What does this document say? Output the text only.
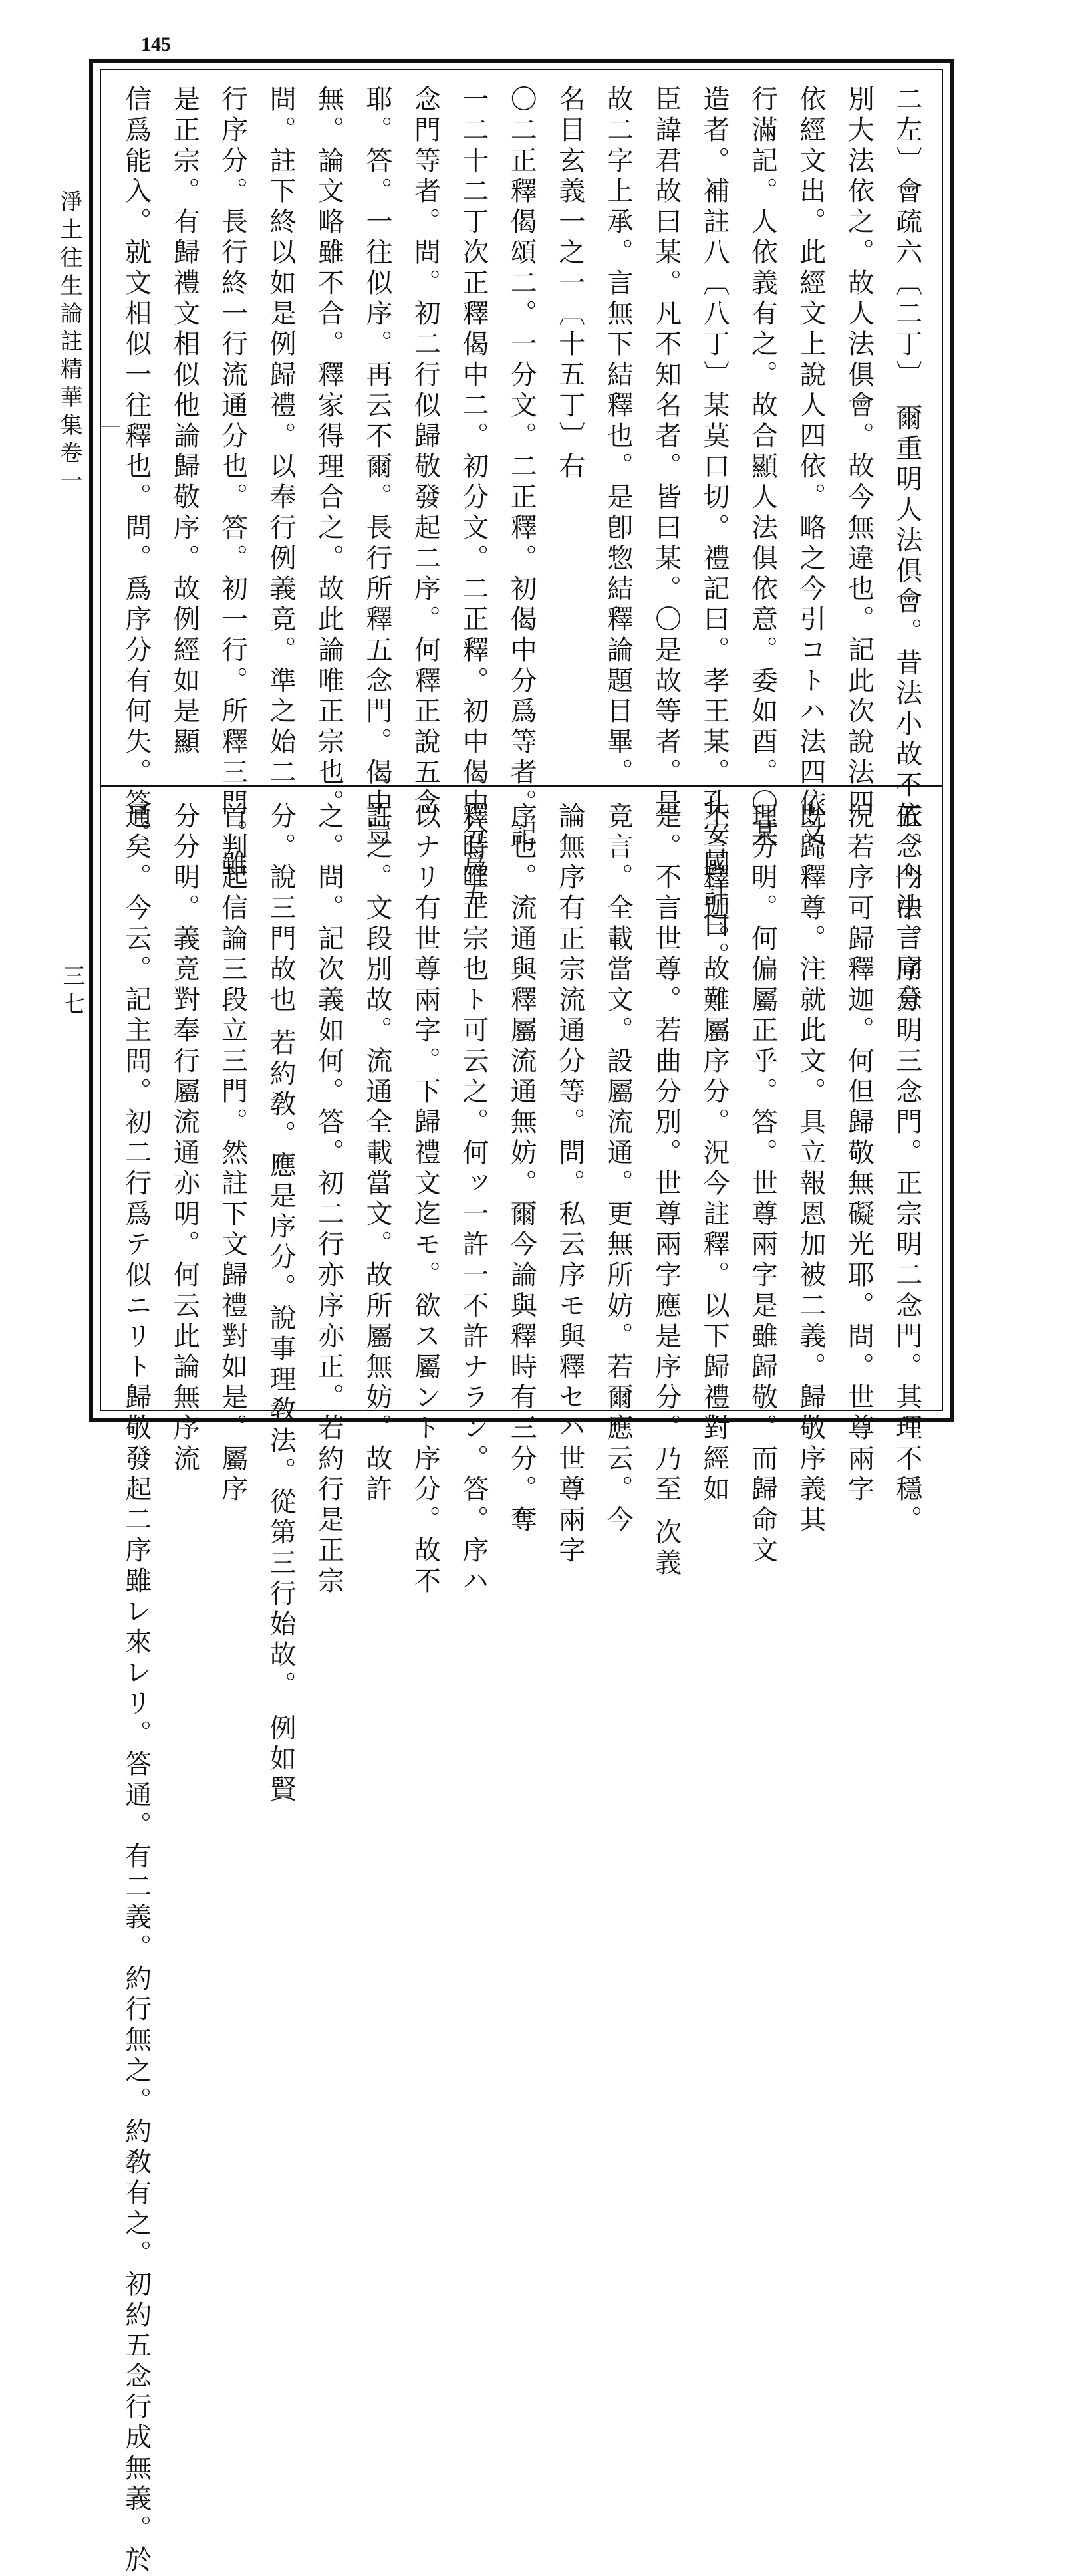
145
淨土往生論註精華集卷一
三七	二左〕會疏六〔二丁〕 爾重明人法俱會。昔法小故不依。今法言同意
別大法依之。故人法俱會。故今無違也。記此次說法四
依經文出。此經文上說人四依。略之今引コトハ法四依文。
行滿記。人依義有之。故合顯人法俱依意。委如酉。〇某
造者。補註八〔八丁〕某莫口切。禮記曰。孝王某。孔安國註曰。
臣諱君故曰某。凡不知名者。皆曰某。〇是故等者。是
故二字上承。言無下結釋也。是卽惣結釋論題目畢。
名目玄義一之一〔十五丁〕右
〇二正釋偈頌二。一分文。二正釋。初偈中分爲等者。記
一二十二丁次正釋偈中二。初分文。二正釋。初中偈中分爲五
念門等者。問。初二行似歸敬發起二序。何釋正說五念
耶。答。一往似序。再云不爾。長行所釋五念門。偈中豈
無。論文略雖不合。釋家得理合之。故此論唯正宗也。
問。註下終以如是例歸禮。以奉行例義竟。準之始二
行序分。長行終一行流通分也。答。初一行。所釋三門。雖
是正宗。有歸禮文相似他論歸敬序。故例經如是顯
信爲能入。就文相似一往釋也。問。爲序分有何失。答。
五念門中。序分明三念門。正宗明二念門。其理不穩。
況若序可歸釋迦。何但歸敬無礙光耶。問。世尊兩字
既歸釋尊。注就此文。具立報恩加被二義。歸敬序義其
理分明。何偏屬正乎。答。世尊兩字是雖歸敬。而歸命文
不言釋迦。故難屬序分。況今註釋。以下歸禮對經如
是。不言世尊。若曲分別。世尊兩字應是序分。乃至 次義
竟言。全載當文。設屬流通。更無所妨。若爾應云。今
論無序有正宗流通分等。問。私云序モ與釋セハ世尊兩字
序也。流通與釋屬流通無妨。爾今論與釋時有三分。奪
釋時唯正宗也ト可云之。何ッ一許一不許ナラン。答。序ハ
以ナリ有世尊兩字。下歸禮文迄モ。欲ス屬ント序分。故不
許之。文段別故。流通全載當文。故所屬無妨。故許
之。問。記次義如何。答。初二行亦序亦正。若約行是正宗
分。說三門故也 若約敎。應是序分。說事理敎法。從第三行始故。 例如賢
首判起信論三段立三門。然註下文歸禮對如是。屬序
分分明。義竟對奉行屬流通亦明。何云此論無序流
通矣。今云。記主問。初二行爲テ似ニリト歸敬發起二序雖レ來レリ。答通。有二義。約行無之。約敎有之。初約五念行成無義。於
